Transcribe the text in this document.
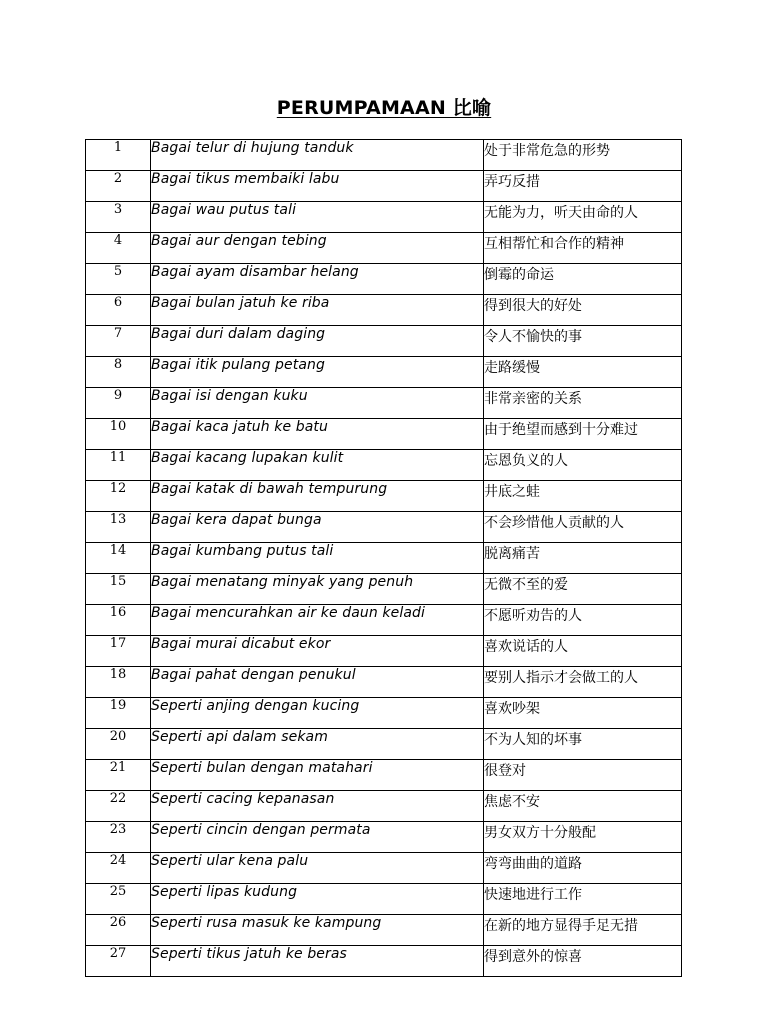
PERUMPAMAAN 比喻
1	Bagai telur di hujung tanduk	处于非常危急的形势
2	Bagai tikus membaiki labu	弄巧反措
3	Bagai wau putus tali	无能为力，听天由命的人
4	Bagai aur dengan tebing	互相帮忙和合作的精神
5	Bagai ayam disambar helang	倒霉的命运
6	Bagai bulan jatuh ke riba	得到很大的好处
7	Bagai duri dalam daging	令人不愉快的事
8	Bagai itik pulang petang	走路缓慢
9	Bagai isi dengan kuku	非常亲密的关系
10	Bagai kaca jatuh ke batu	由于绝望而感到十分难过
11	Bagai kacang lupakan kulit	忘恩负义的人
12	Bagai katak di bawah tempurung	井底之蛙
13	Bagai kera dapat bunga	不会珍惜他人贡献的人
14	Bagai kumbang putus tali	脱离痛苦
15	Bagai menatang minyak yang penuh	无微不至的爱
16	Bagai mencurahkan air ke daun keladi	不愿听劝告的人
17	Bagai murai dicabut ekor	喜欢说话的人
18	Bagai pahat dengan penukul	要别人指示才会做工的人
19	Seperti anjing dengan kucing	喜欢吵架
20	Seperti api dalam sekam	不为人知的坏事
21	Seperti bulan dengan matahari	很登对
22	Seperti cacing kepanasan	焦虑不安
23	Seperti cincin dengan permata	男女双方十分般配
24	Seperti ular kena palu	弯弯曲曲的道路
25	Seperti lipas kudung	快速地进行工作
26	Seperti rusa masuk ke kampung	在新的地方显得手足无措
27	Seperti tikus jatuh ke beras	得到意外的惊喜
